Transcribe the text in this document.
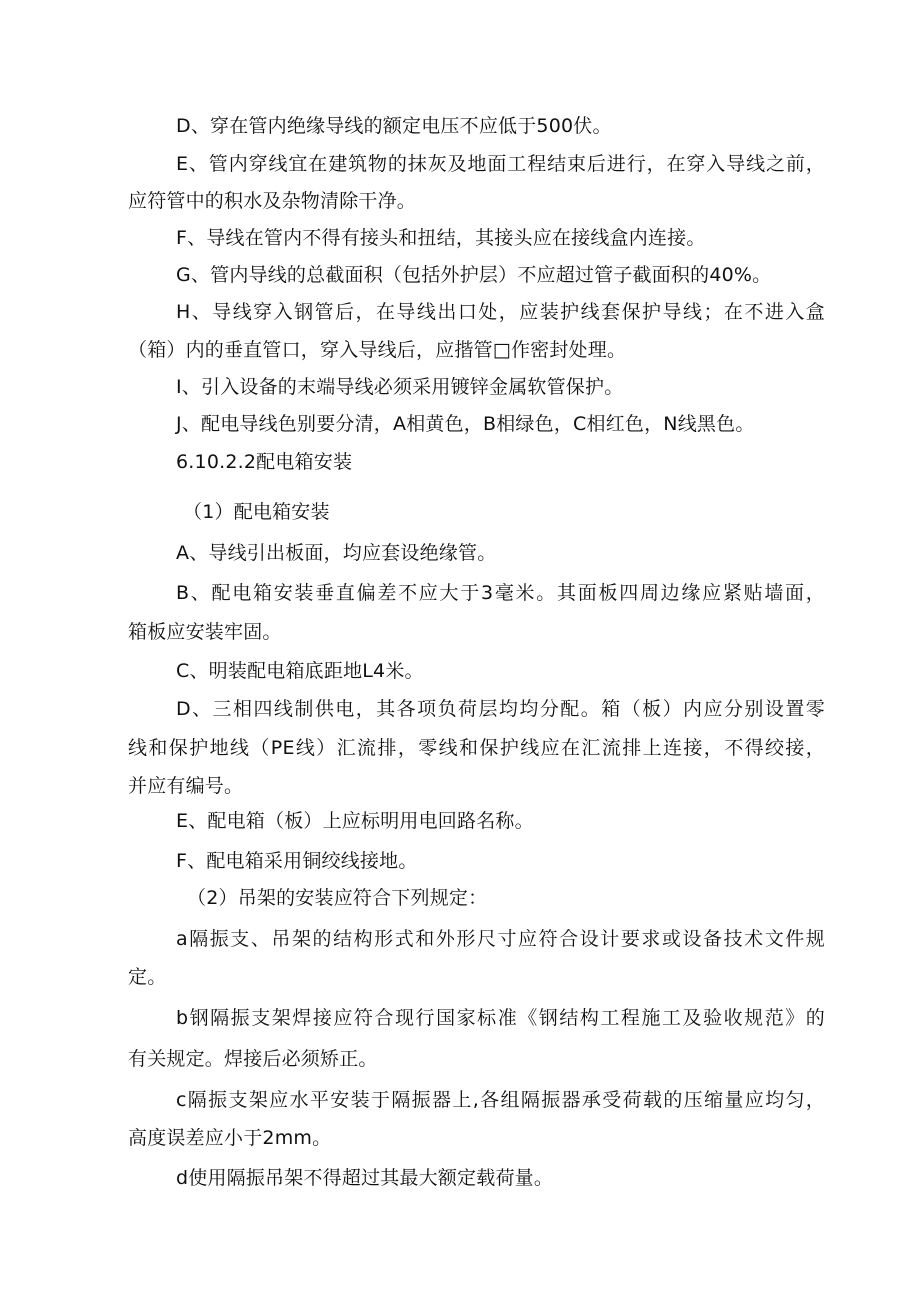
D、穿在管内绝缘导线的额定电压不应低于500伏。
E、管内穿线宜在建筑物的抹灰及地面工程结束后进行，在穿入导线之前，
应符管中的积水及杂物清除干净。
F、导线在管内不得有接头和扭结，其接头应在接线盒内连接。
G、管内导线的总截面积（包括外护层）不应超过管子截面积的40%。
H、导线穿入钢管后，在导线出口处，应装护线套保护导线；在不进入盒
（箱）内的垂直管口，穿入导线后，应揩管□作密封处理。
I、引入设备的末端导线必须采用镀锌金属软管保护。
J、配电导线色别要分清，A相黄色，B相绿色，C相红色，N线黑色。
6.10.2.2配电箱安装
（1）配电箱安装
A、导线引出板面，均应套设绝缘管。
B、配电箱安装垂直偏差不应大于3毫米。其面板四周边缘应紧贴墙面，
箱板应安装牢固。
C、明装配电箱底距地L4米。
D、三相四线制供电，其各项负荷层均均分配。箱（板）内应分别设置零
线和保护地线（PE线）汇流排，零线和保护线应在汇流排上连接，不得绞接，
并应有编号。
E、配电箱（板）上应标明用电回路名称。
F、配电箱采用铜绞线接地。
（2）吊架的安装应符合下列规定：
a隔振支、吊架的结构形式和外形尺寸应符合设计要求或设备技术文件规
定。
b钢隔振支架焊接应符合现行国家标准《钢结构工程施工及验收规范》的
有关规定。焊接后必须矫正。
c隔振支架应水平安装于隔振器上,各组隔振器承受荷载的压缩量应均匀，
高度误差应小于2mm。
d使用隔振吊架不得超过其最大额定载荷量。
